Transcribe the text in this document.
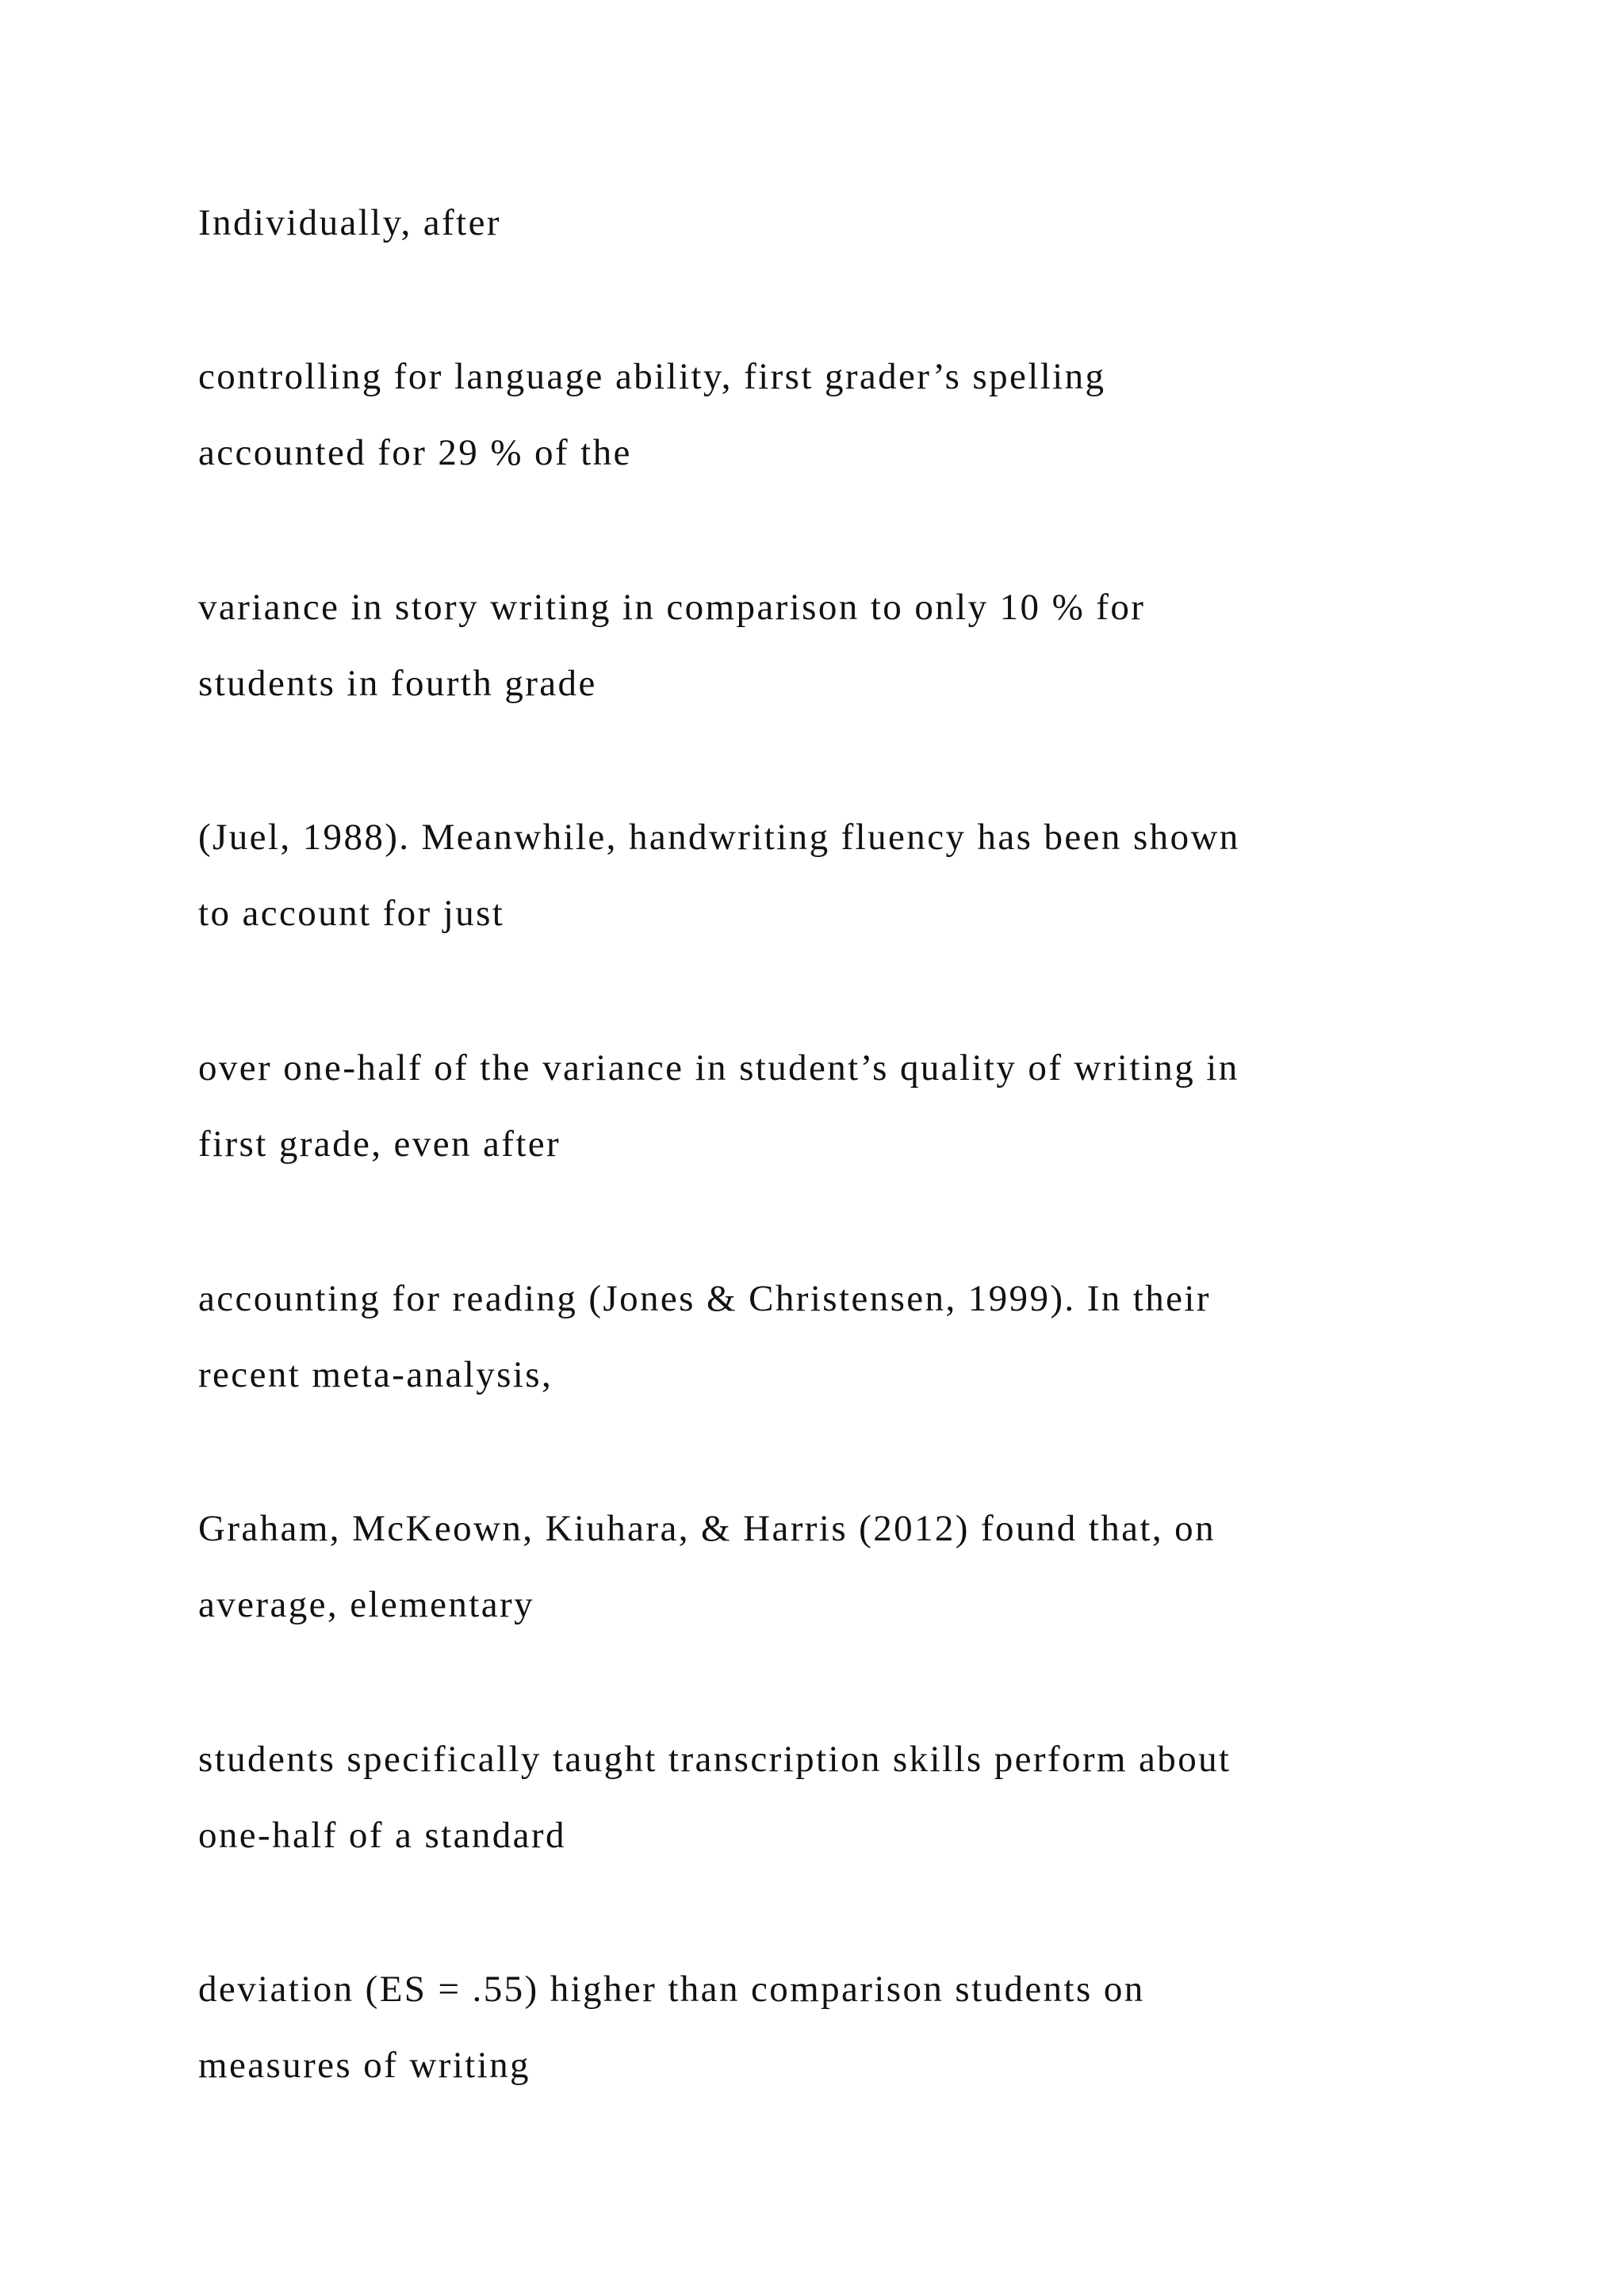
Individually, after
controlling for language ability, first grader’s spelling
accounted for 29 % of the
variance in story writing in comparison to only 10 % for
students in fourth grade
(Juel, 1988). Meanwhile, handwriting fluency has been shown
to account for just
over one-half of the variance in student’s quality of writing in
first grade, even after
accounting for reading (Jones & Christensen, 1999). In their
recent meta-analysis,
Graham, McKeown, Kiuhara, & Harris (2012) found that, on
average, elementary
students specifically taught transcription skills perform about
one-half of a standard
deviation (ES = .55) higher than comparison students on
measures of writing
